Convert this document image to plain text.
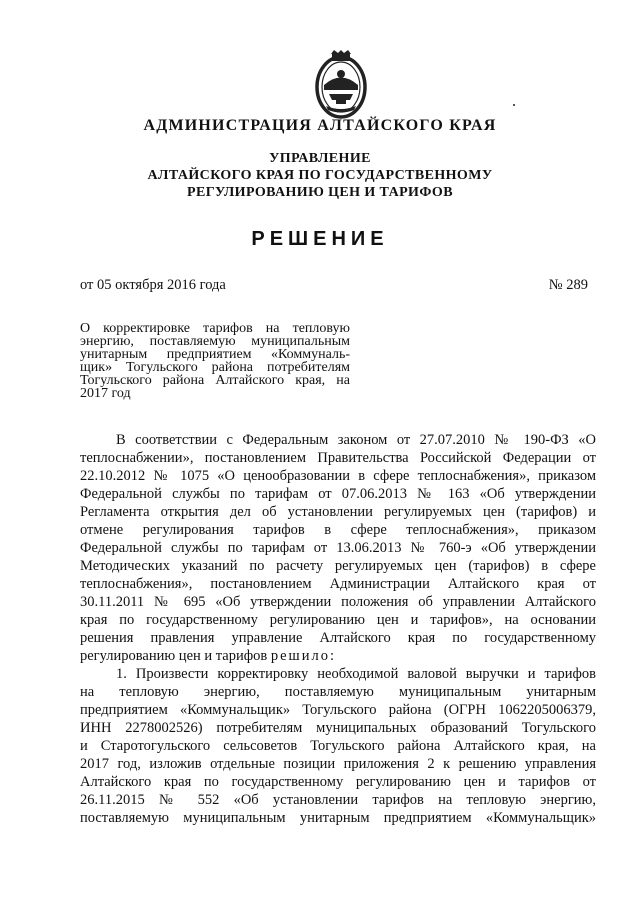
АДМИНИСТРАЦИЯ АЛТАЙСКОГО КРАЯ
УПРАВЛЕНИЕ
АЛТАЙСКОГО КРАЯ ПО ГОСУДАРСТВЕННОМУ
РЕГУЛИРОВАНИЮ ЦЕН И ТАРИФОВ
РЕШЕНИЕ
от 05 октября 2016 года	№ 289
О корректировке тарифов на тепловую
энергию, поставляемую муниципальным
унитарным предприятием «Коммуналь-
щик» Тогульского района потребителям
Тогульского района Алтайского края, на
2017 год
В соответствии с Федеральным законом от 27.07.2010 № 190-ФЗ «О
теплоснабжении», постановлением Правительства Российской Федерации от
22.10.2012 № 1075 «О ценообразовании в сфере теплоснабжения», приказом
Федеральной службы по тарифам от 07.06.2013 № 163 «Об утверждении
Регламента открытия дел об установлении регулируемых цен (тарифов) и
отмене регулирования тарифов в сфере теплоснабжения», приказом
Федеральной службы по тарифам от 13.06.2013 № 760-э «Об утверждении
Методических указаний по расчету регулируемых цен (тарифов) в сфере
теплоснабжения», постановлением Администрации Алтайского края от
30.11.2011 № 695 «Об утверждении положения об управлении Алтайского
края по государственному регулированию цен и тарифов», на основании
решения правления управление Алтайского края по государственному
регулированию цен и тарифов решило:
1. Произвести корректировку необходимой валовой выручки и тарифов
на тепловую энергию, поставляемую муниципальным унитарным
предприятием «Коммунальщик» Тогульского района (ОГРН 1062205006379,
ИНН 2278002526) потребителям муниципальных образований Тогульского
и Старотогульского сельсоветов Тогульского района Алтайского края, на
2017 год, изложив отдельные позиции приложения 2 к решению управления
Алтайского края по государственному регулированию цен и тарифов от
26.11.2015 № 552 «Об установлении тарифов на тепловую энергию,
поставляемую муниципальным унитарным предприятием «Коммунальщик»
